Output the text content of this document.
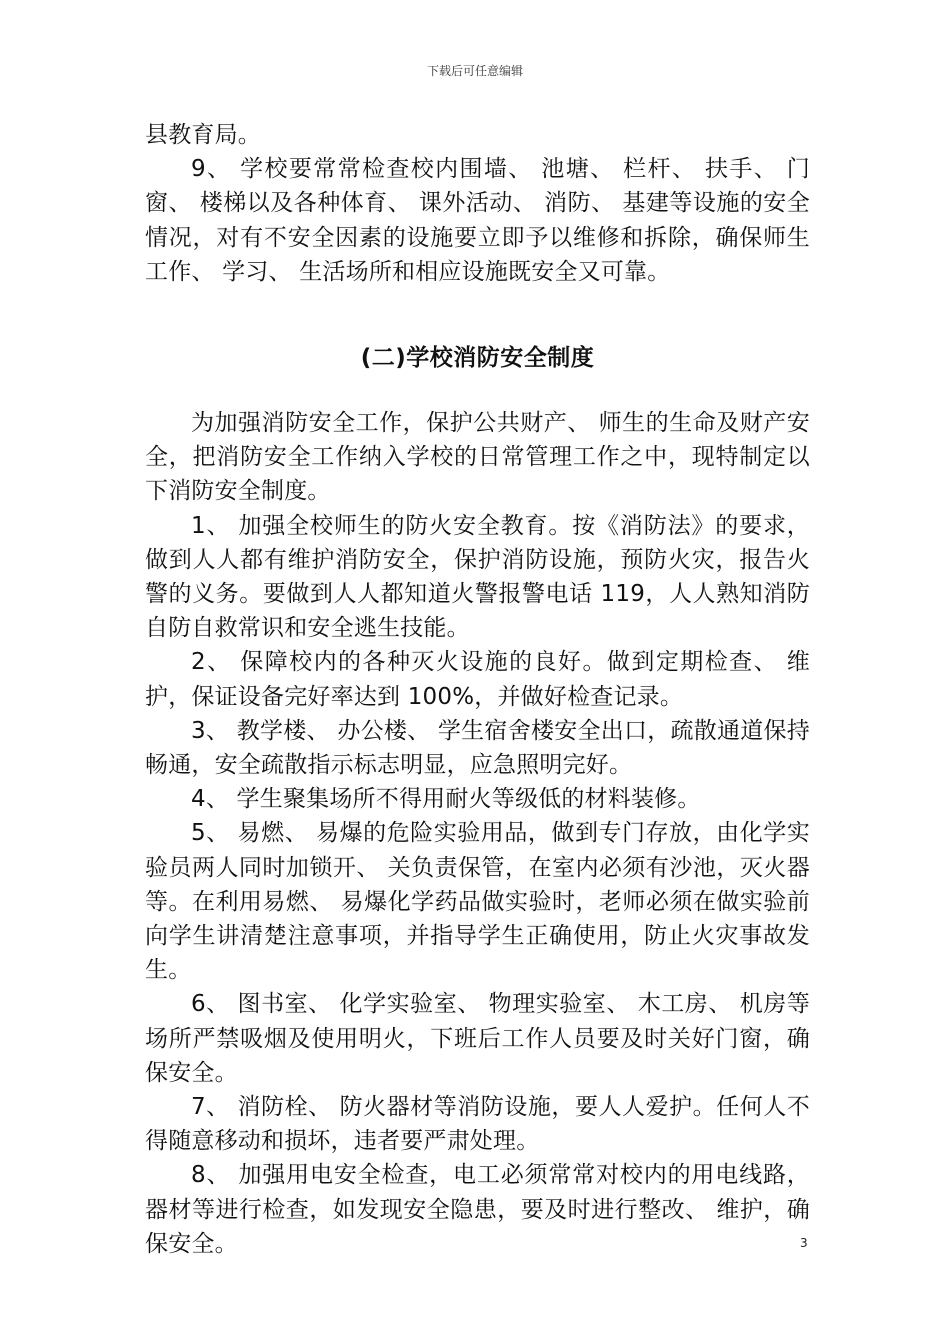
下载后可任意编辑

县教育局。

9、 学校要常常检查校内围墙、 池塘、 栏杆、 扶手、 门窗、 楼梯以及各种体育、 课外活动、 消防、 基建等设施的安全情况，对有不安全因素的设施要立即予以维修和拆除，确保师生工作、 学习、 生活场所和相应设施既安全又可靠。

(二)学校消防安全制度

为加强消防安全工作，保护公共财产、 师生的生命及财产安全，把消防安全工作纳入学校的日常管理工作之中，现特制定以下消防安全制度。

1、 加强全校师生的防火安全教育。按《消防法》的要求，做到人人都有维护消防安全，保护消防设施，预防火灾，报告火警的义务。要做到人人都知道火警报警电话 119，人人熟知消防自防自救常识和安全逃生技能。

2、 保障校内的各种灭火设施的良好。做到定期检查、 维护，保证设备完好率达到 100%，并做好检查记录。

3、 教学楼、 办公楼、 学生宿舍楼安全出口，疏散通道保持畅通，安全疏散指示标志明显，应急照明完好。

4、 学生聚集场所不得用耐火等级低的材料装修。

5、 易燃、 易爆的危险实验用品，做到专门存放，由化学实验员两人同时加锁开、 关负责保管，在室内必须有沙池，灭火器等。在利用易燃、 易爆化学药品做实验时，老师必须在做实验前向学生讲清楚注意事项，并指导学生正确使用，防止火灾事故发生。

6、 图书室、 化学实验室、 物理实验室、 木工房、 机房等场所严禁吸烟及使用明火，下班后工作人员要及时关好门窗，确保安全。

7、 消防栓、 防火器材等消防设施，要人人爱护。任何人不得随意移动和损坏，违者要严肃处理。

8、 加强用电安全检查，电工必须常常对校内的用电线路，器材等进行检查，如发现安全隐患，要及时进行整改、 维护，确保安全。	3
